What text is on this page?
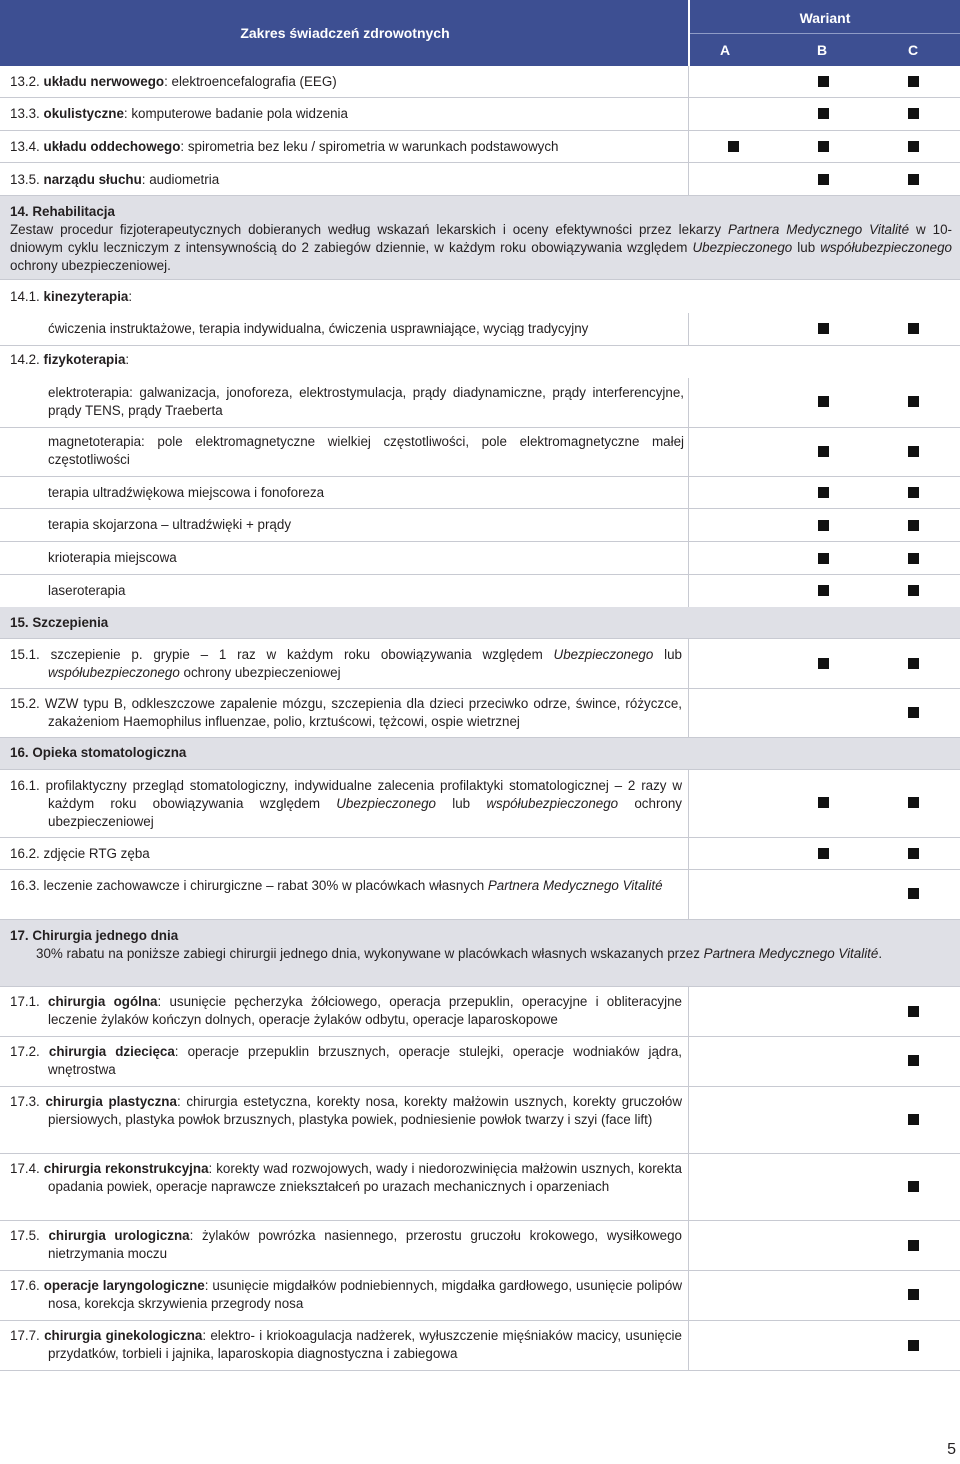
Zakres świadczeń zdrowotnych
Wariant
A	B	C
13.2. układu nerwowego: elektroencefalografia (EEG)
13.3. okulistyczne: komputerowe badanie pola widzenia
13.4. układu oddechowego: spirometria bez leku / spirometria w warunkach podstawowych
13.5. narządu słuchu: audiometria
14. Rehabilitacja
Zestaw procedur fizjoterapeutycznych dobieranych według wskazań lekarskich i oceny efektywności przez lekarzy Partnera Medycznego Vitalité w 10-dniowym cyklu leczniczym z intensywnością do 2 zabiegów dziennie, w każdym roku obowiązywania względem Ubezpieczonego lub współubezpieczonego ochrony ubezpieczeniowej.
14.1. kinezyterapia:
ćwiczenia instruktażowe, terapia indywidualna, ćwiczenia usprawniające, wyciąg tradycyjny
14.2. fizykoterapia:
elektroterapia: galwanizacja, jonoforeza, elektrostymulacja, prądy diadynamiczne, prądy interferencyjne, prądy TENS, prądy Traeberta
magnetoterapia: pole elektromagnetyczne wielkiej częstotliwości, pole elektromagnetyczne małej częstotliwości
terapia ultradźwiękowa miejscowa i fonoforeza
terapia skojarzona – ultradźwięki + prądy
krioterapia miejscowa
laseroterapia
15. Szczepienia
15.1. szczepienie p. grypie – 1 raz w każdym roku obowiązywania względem Ubezpieczonego lub współubezpieczonego ochrony ubezpieczeniowej
15.2. WZW typu B, odkleszczowe zapalenie mózgu, szczepienia dla dzieci przeciwko odrze, śwince, różyczce, zakażeniom Haemophilus influenzae, polio, krztuścowi, tężcowi, ospie wietrznej
16. Opieka stomatologiczna
16.1. profilaktyczny przegląd stomatologiczny, indywidualne zalecenia profilaktyki stomatologicznej – 2 razy w każdym roku obowiązywania względem Ubezpieczonego lub współubezpieczonego ochrony ubezpieczeniowej
16.2. zdjęcie RTG zęba
16.3. leczenie zachowawcze i chirurgiczne – rabat 30% w placówkach własnych Partnera Medycznego Vitalité
17. Chirurgia jednego dnia
30% rabatu na poniższe zabiegi chirurgii jednego dnia, wykonywane w placówkach własnych wskazanych przez Partnera Medycznego Vitalité.
17.1. chirurgia ogólna: usunięcie pęcherzyka żółciowego, operacja przepuklin, operacyjne i obliteracyjne leczenie żylaków kończyn dolnych, operacje żylaków odbytu, operacje laparoskopowe
17.2. chirurgia dziecięca: operacje przepuklin brzusznych, operacje stulejki, operacje wodniaków jądra, wnętrostwa
17.3. chirurgia plastyczna: chirurgia estetyczna, korekty nosa, korekty małżowin usznych, korekty gruczołów piersiowych, plastyka powłok brzusznych, plastyka powiek, podniesienie powłok twarzy i szyi (face lift)
17.4. chirurgia rekonstrukcyjna: korekty wad rozwojowych, wady i niedorozwinięcia małżowin usznych, korekta opadania powiek, operacje naprawcze zniekształceń po urazach mechanicznych i oparzeniach
17.5. chirurgia urologiczna: żylaków powrózka nasiennego, przerostu gruczołu krokowego, wysiłkowego nietrzymania moczu
17.6. operacje laryngologiczne: usunięcie migdałków podniebiennych, migdałka gardłowego, usunięcie polipów nosa, korekcja skrzywienia przegrody nosa
17.7. chirurgia ginekologiczna: elektro- i kriokoagulacja nadżerek, wyłuszczenie mięśniaków macicy, usunięcie przydatków, torbieli i jajnika, laparoskopia diagnostyczna i zabiegowa
5
